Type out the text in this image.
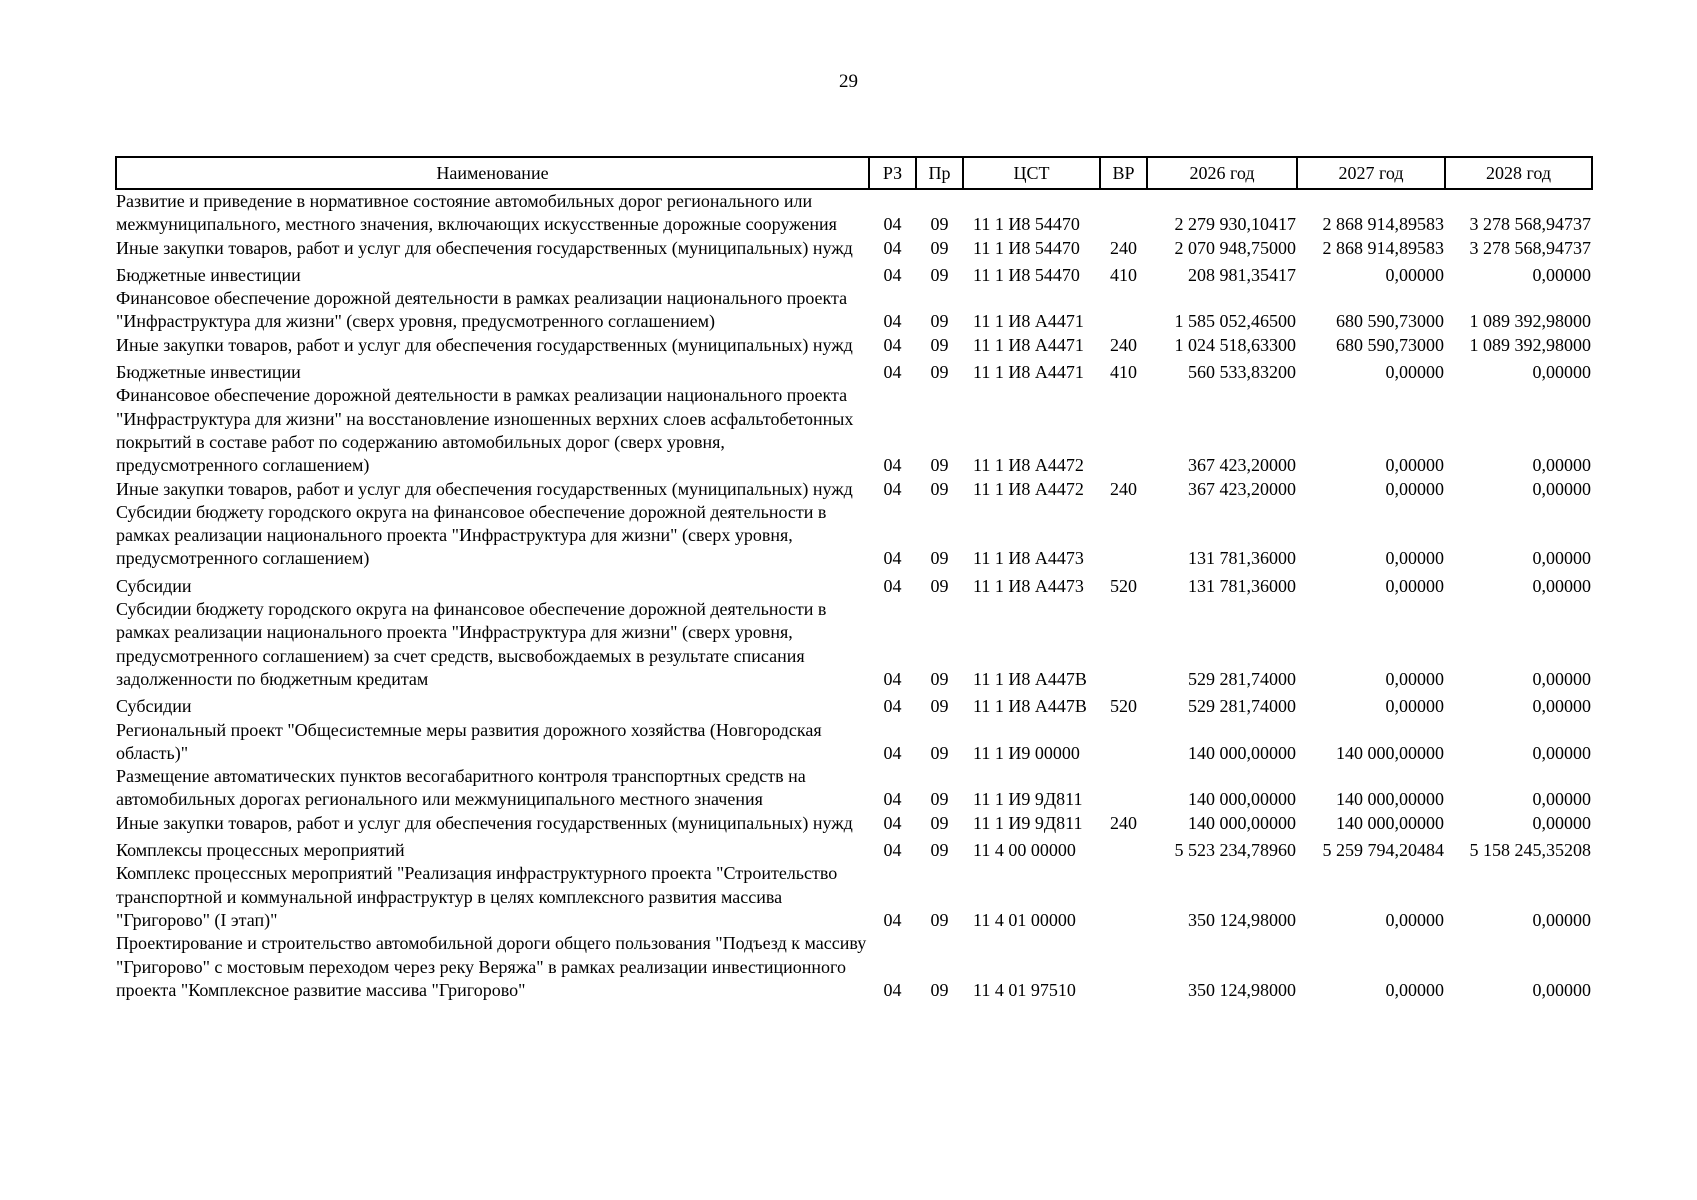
29
Наименование	РЗ	Пр	ЦСТ	ВР	2026 год	2027 год	2028 год
Развитие и приведение в нормативное состояние автомобильных дорог регионального или межмуниципального, местного значения, включающих искусственные дорожные сооружения	04	09	11 1 И8 54470		2 279 930,10417	2 868 914,89583	3 278 568,94737
Иные закупки товаров, работ и услуг для обеспечения государственных (муниципальных) нужд	04	09	11 1 И8 54470	240	2 070 948,75000	2 868 914,89583	3 278 568,94737
Бюджетные инвестиции	04	09	11 1 И8 54470	410	208 981,35417	0,00000	0,00000
Финансовое обеспечение дорожной деятельности в рамках реализации национального проекта "Инфраструктура для жизни" (сверх уровня, предусмотренного соглашением)	04	09	11 1 И8 А4471		1 585 052,46500	680 590,73000	1 089 392,98000
Иные закупки товаров, работ и услуг для обеспечения государственных (муниципальных) нужд	04	09	11 1 И8 А4471	240	1 024 518,63300	680 590,73000	1 089 392,98000
Бюджетные инвестиции	04	09	11 1 И8 А4471	410	560 533,83200	0,00000	0,00000
Финансовое обеспечение дорожной деятельности в рамках реализации национального проекта "Инфраструктура для жизни" на восстановление изношенных верхних слоев асфальтобетонных покрытий в составе работ по содержанию автомобильных дорог (сверх уровня, предусмотренного соглашением)	04	09	11 1 И8 А4472		367 423,20000	0,00000	0,00000
Иные закупки товаров, работ и услуг для обеспечения государственных (муниципальных) нужд	04	09	11 1 И8 А4472	240	367 423,20000	0,00000	0,00000
Субсидии бюджету городского округа на финансовое обеспечение дорожной деятельности в рамках реализации национального проекта "Инфраструктура для жизни" (сверх уровня, предусмотренного соглашением)	04	09	11 1 И8 А4473		131 781,36000	0,00000	0,00000
Субсидии	04	09	11 1 И8 А4473	520	131 781,36000	0,00000	0,00000
Субсидии бюджету городского округа на финансовое обеспечение дорожной деятельности в рамках реализации национального проекта "Инфраструктура для жизни" (сверх уровня, предусмотренного соглашением) за счет средств, высвобождаемых в результате списания задолженности по бюджетным кредитам	04	09	11 1 И8 А447В		529 281,74000	0,00000	0,00000
Субсидии	04	09	11 1 И8 А447В	520	529 281,74000	0,00000	0,00000
Региональный проект "Общесистемные меры развития дорожного хозяйства (Новгородская область)"	04	09	11 1 И9 00000		140 000,00000	140 000,00000	0,00000
Размещение автоматических пунктов весогабаритного контроля транспортных средств на автомобильных дорогах регионального или межмуниципального местного значения	04	09	11 1 И9 9Д811		140 000,00000	140 000,00000	0,00000
Иные закупки товаров, работ и услуг для обеспечения государственных (муниципальных) нужд	04	09	11 1 И9 9Д811	240	140 000,00000	140 000,00000	0,00000
Комплексы процессных мероприятий	04	09	11 4 00 00000		5 523 234,78960	5 259 794,20484	5 158 245,35208
Комплекс процессных мероприятий "Реализация инфраструктурного проекта "Строительство транспортной и коммунальной инфраструктур в целях комплексного развития массива "Григорово" (I этап)"	04	09	11 4 01 00000		350 124,98000	0,00000	0,00000
Проектирование и строительство автомобильной дороги общего пользования "Подъезд к массиву "Григорово" с мостовым переходом через реку Веряжа" в рамках реализации инвестиционного проекта "Комплексное развитие массива "Григорово"	04	09	11 4 01 97510		350 124,98000	0,00000	0,00000
